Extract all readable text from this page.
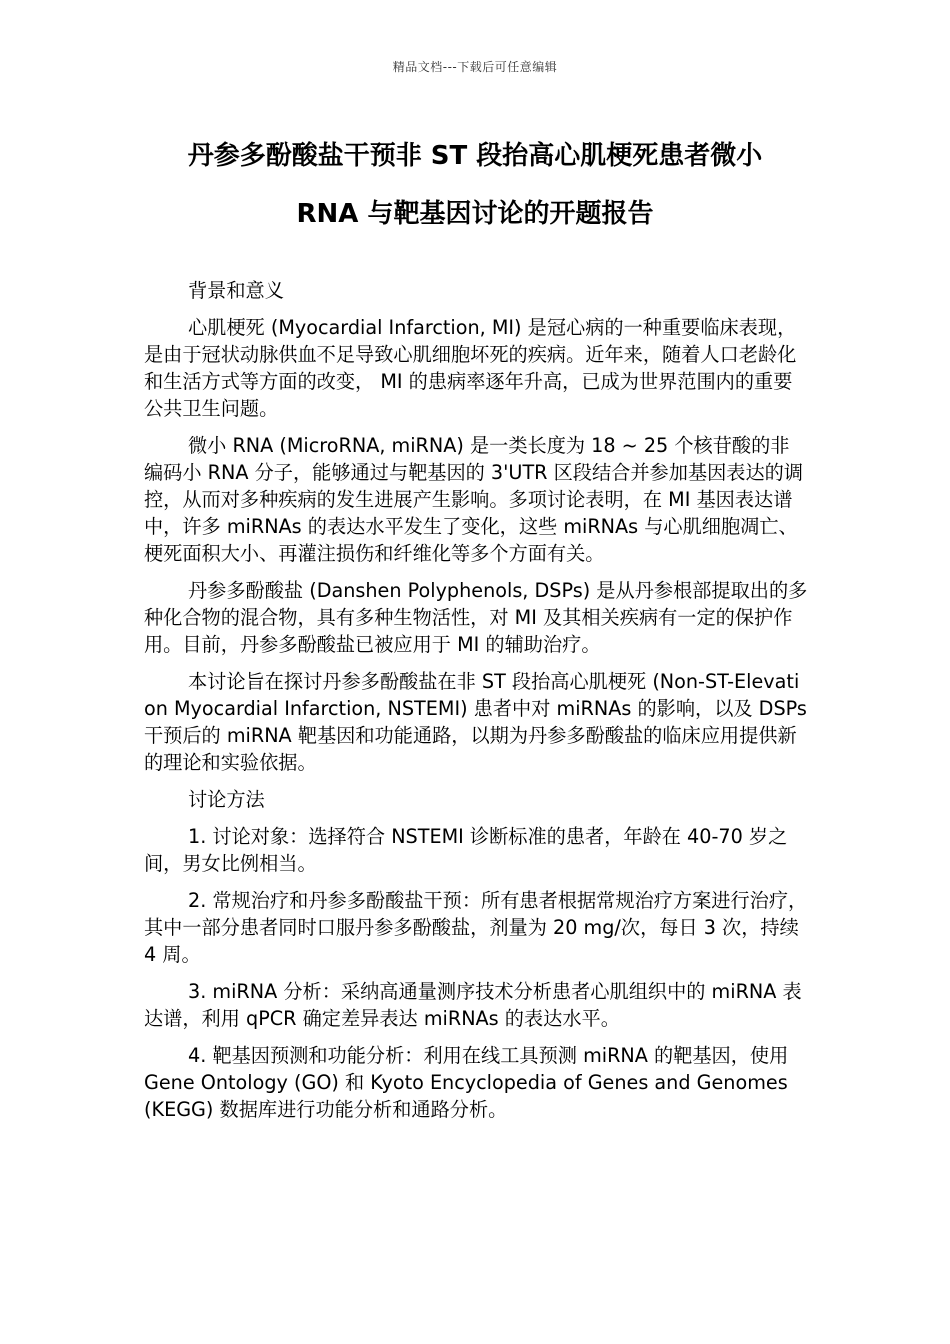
精品文档---下载后可任意编辑
丹参多酚酸盐干预非 ST 段抬高心肌梗死患者微小
RNA 与靶基因讨论的开题报告

背景和意义

心肌梗死 (Myocardial Infarction, MI) 是冠心病的一种重要临床表现，是由于冠状动脉供血不足导致心肌细胞坏死的疾病。近年来，随着人口老龄化和生活方式等方面的改变， MI 的患病率逐年升高，已成为世界范围内的重要公共卫生问题。

微小 RNA (MicroRNA, miRNA) 是一类长度为 18 ~ 25 个核苷酸的非编码小 RNA 分子，能够通过与靶基因的 3'UTR 区段结合并参加基因表达的调控，从而对多种疾病的发生进展产生影响。多项讨论表明，在 MI 基因表达谱中，许多 miRNAs 的表达水平发生了变化，这些 miRNAs 与心肌细胞凋亡、梗死面积大小、再灌注损伤和纤维化等多个方面有关。

丹参多酚酸盐 (Danshen Polyphenols, DSPs) 是从丹参根部提取出的多种化合物的混合物，具有多种生物活性，对 MI 及其相关疾病有一定的保护作用。目前，丹参多酚酸盐已被应用于 MI 的辅助治疗。

本讨论旨在探讨丹参多酚酸盐在非 ST 段抬高心肌梗死 (Non-ST-Elevation Myocardial Infarction, NSTEMI) 患者中对 miRNAs 的影响，以及 DSPs 干预后的 miRNA 靶基因和功能通路，以期为丹参多酚酸盐的临床应用提供新的理论和实验依据。

讨论方法

1. 讨论对象：选择符合 NSTEMI 诊断标准的患者，年龄在 40-70 岁之间，男女比例相当。

2. 常规治疗和丹参多酚酸盐干预：所有患者根据常规治疗方案进行治疗，其中一部分患者同时口服丹参多酚酸盐，剂量为 20 mg/次，每日 3 次，持续 4 周。

3. miRNA 分析：采纳高通量测序技术分析患者心肌组织中的 miRNA 表达谱，利用 qPCR 确定差异表达 miRNAs 的表达水平。

4. 靶基因预测和功能分析：利用在线工具预测 miRNA 的靶基因，使用 Gene Ontology (GO) 和 Kyoto Encyclopedia of Genes and Genomes (KEGG) 数据库进行功能分析和通路分析。
